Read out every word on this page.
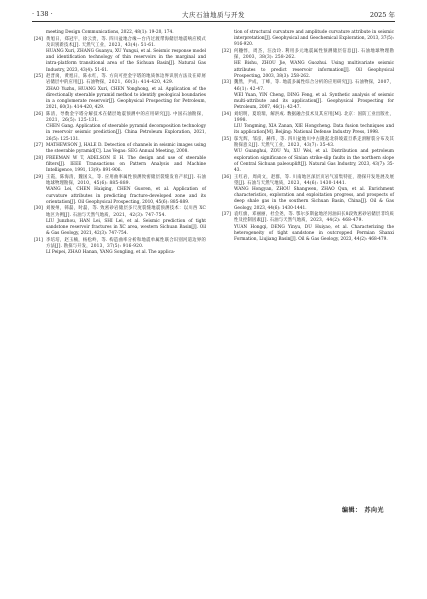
· 138 ·	大庆石油地质与开发	2025 年
meeting Design Communications, 2022, 48(1): 19-20, 174.
[24] 黄旭日，郑冠宇，徐云贵，等. 四川盆地合缘—台内过渡带海储层地震响应模式及识别新技术[J]. 天然气工业，2023，43(4): 51-61.

HUANG Xuri, ZHANG Guanyu, XU Yungui, et al. Seismic response model and identification technology of thin reservoirs in the marginal and intra-platform transitional area of the Sichuan Basin[J]. Natural Gas Industry, 2023, 43(4): 51-61.

[25] 赵晋岗，黄旭日，陈永红，等. 方向可控金字塔的地质体边界识别方法及在碎屑岩储层中的应用[J]. 石油物探，2021，60(3): 414-420, 429.

ZHAO Yuzhu, HUANG Xuri, CHEN Yonghong, et al. Application of the directionally steerable pyramid method to identify geological boundaries in a conglomerate reservoir[J]. Geophysical Prospecting for Petroleum, 2021, 60(3): 414-420, 429.

[26] 陈清，导数金字塔分解技术在储层地震预测中的应用研究[J]. 中国石油勘探，2021，26(5): 125-131.

CHEN Gang. Application of steerable pyramid decomposition technology in reservoir seismic prediction[J]. China Petroleum Exploration, 2021, 26(5): 125-131.

[27] MATHEWSON J, HALE D. Detection of channels in seismic images using the steerable pyramid[C]. Las Vegas: SEG Annual Meeting, 2008.

[28] FREEMAN W T, ADELSON E H. The design and use of steerable filters[J]. IEEE Transactions on Pattern Analysis and Machine Intelligence, 1991, 13(9): 891-906.

[29] 王霞，陈海清，魏国义，等. 应用曲率属性预测致密储层裂缝发育产状[J]. 石油地球物理勘探，2010，45(6): 885-889.

WANG Lei, CHEN Haiqing, CHEN Guoren, et al. Application of curvature attributes in predicting fracture-developed zone and its orientation[J]. Oil Geophysical Prospecting, 2010, 45(6): 885-889.

[30] 刘俊州，韩磊，时磊，等. 致密砂岩储层多尺度裂缝地震预测技术：以川西 XC 地区为例[J]. 石油与天然气地质，2021，42(3): 747-754.

LIU Junzhou, HAN Lei, SHI Lei, et al. Seismic prediction of tight sandstone reservoir fractures in XC area, western Sichuan Basin[J]. Oil & Gas Geology, 2021, 42(3): 747-754.

[31] 李培培，赵玉楠，杨松岭，等. 构造曲率分析和地震单属性联合识别河道边界的方法[J]. 勘探与开发，2013，37(5): 916-920.

LI Peipei, ZHAO Hanan, YANG Songling, et al. The applica-

tion of structural curvature and amplitude curvature attribute in seismic interpretation[J]. Geophysical and Geochemical Exploration, 2013, 37(5): 916-920.
[32] 何穗惇，周杰，汪汝玲. 利用多元地震属性预测储层信息[J]. 石油地球物理勘探，2003，38(3): 258-262.

HE Bishu, ZHOU Jie, WANG Guozhui. Using multivariate seismic attributes to predict reservoir information[J]. Oil Geophysical Prospecting, 2003, 38(3): 258-262.

[33] 魏然，尹成，丁峰，等. 地震多属性综合分析的应用研究[J]. 石油物探，2007，46(1): 42-47.

WEI Yuan, YIN Cheng, DING Feng, et al. Synthetic analysis of seismic multi-attribute and its application[J]. Geophysical Prospecting for Petroleum, 2007, 46(1): 42-47.

[34] 刘绍明，夏琅瑞，解洪成. 数据融合技术及其应用[M]. 北京：国防工业出版社，1998.

LIU Tongming, XIA Zanan, XIE Hongcheng. Data fusion techniques and its application[M]. Beijing: National Defense Industry Press, 1998.

[35] 邬光辉，邹彦，赫伟，等. 四川盆地川中古隆起北斜坡震旦系走滑断裂分布及其勘探意义[J]. 天然气工业，2023，43(7): 35-43.

WU Guanghui, ZOU Yu, XU Wei, et al. Distribution and petroleum exploration significance of Sinian strike-slip faults in the northern slope of Central Sichuan paleouplift[J]. Natural Gas Industry, 2023, 43(7): 35-43.

[36] 王红岩，周尚文，赵群，等. 川南地区深层页岩气富集特征、勘探开发进展及展望[J]. 石油与天然气地质，2023，44(6): 1430-1441.

WANG Hongyan, ZHOU Shangwen, ZHAO Qun, et al. Enrichment characteristics, exploration and exploitation progress, and prospects of deep shale gas in the southern Sichuan Basin, China[J]. Oil & Gas Geology, 2023, 44(6): 1430-1441.

[37] 袁红旗，邓丽丽，杜会尧，等. 鄂尔多斯盆地泾河油田长8段致密砂岩储层非均质性及控制因素[J]. 石油与天然气地质，2023，44(2): 468-479.

YUAN Hongqi, DENG Yinyu, DU Huiyao, et al. Characterizing the heterogeneity of tight sandstone in outcropped Permian Shanxi Formation, Liujiang Basin[J]. Oil & Gas Geology, 2023, 44(2): 468-479.

编辑： 苏向光
